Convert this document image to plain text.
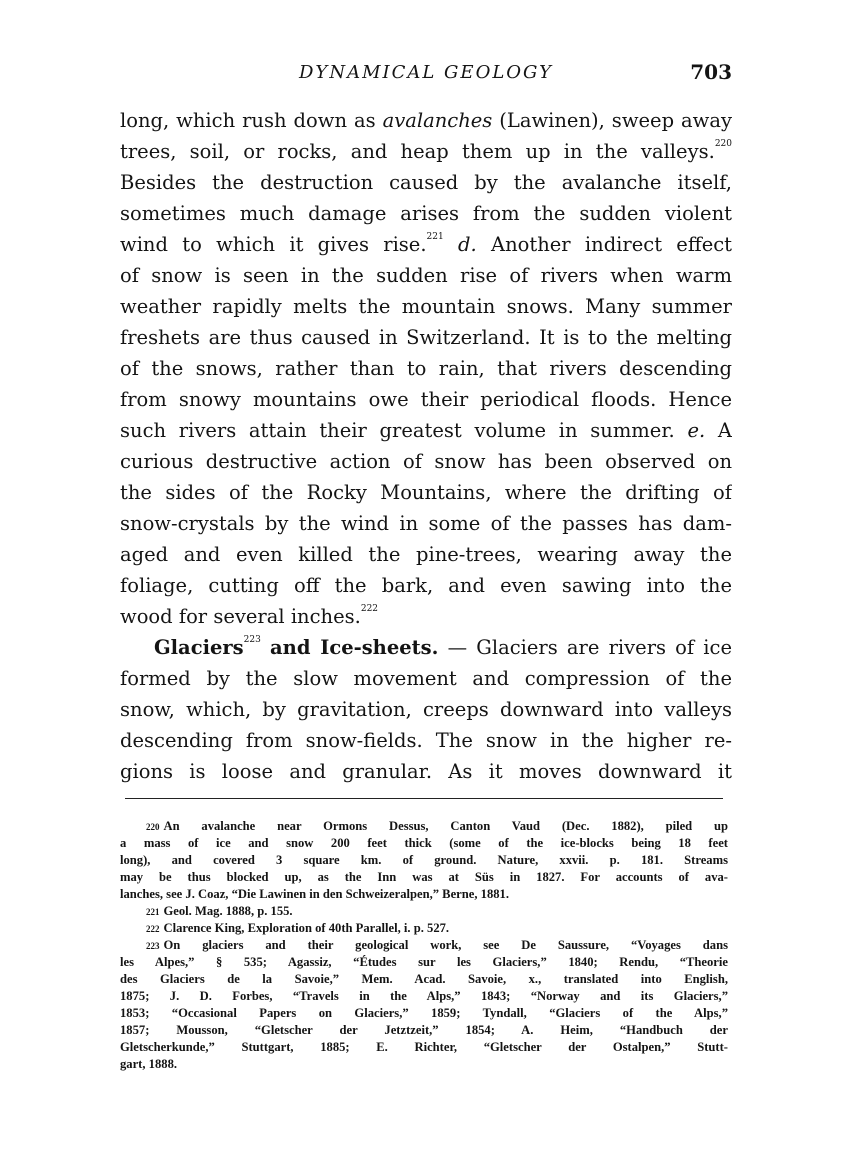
DYNAMICAL GEOLOGY	703
long, which rush down as avalanches (Lawinen), sweep away
trees, soil, or rocks, and heap them up in the valleys.$^{220}$
Besides the destruction caused by the avalanche itself,
sometimes much damage arises from the sudden violent
wind to which it gives rise.$^{221}$ d. Another indirect effect
of snow is seen in the sudden rise of rivers when warm
weather rapidly melts the mountain snows. Many summer
freshets are thus caused in Switzerland. It is to the melting
of the snows, rather than to rain, that rivers descending
from snowy mountains owe their periodical floods. Hence
such rivers attain their greatest volume in summer. e. A
curious destructive action of snow has been observed on
the sides of the Rocky Mountains, where the drifting of
snow-crystals by the wind in some of the passes has dam-
aged and even killed the pine-trees, wearing away the
foliage, cutting off the bark, and even sawing into the
wood for several inches.$^{222}$
Glaciers$^{223}$ and Ice-sheets. — Glaciers are rivers of ice
formed by the slow movement and compression of the
snow, which, by gravitation, creeps downward into valleys
descending from snow-fields. The snow in the higher re-
gions is loose and granular. As it moves downward it
$^{220}$ An avalanche near Ormons Dessus, Canton Vaud (Dec. 1882), piled up
a mass of ice and snow 200 feet thick (some of the ice-blocks being 18 feet
long), and covered 3 square km. of ground. Nature, xxvii. p. 181. Streams
may be thus blocked up, as the Inn was at Süs in 1827. For accounts of ava-
lanches, see J. Coaz, “Die Lawinen in den Schweizeralpen,” Berne, 1881.
$^{221}$ Geol. Mag. 1888, p. 155.
$^{222}$ Clarence King, Exploration of 40th Parallel, i. p. 527.
$^{223}$ On glaciers and their geological work, see De Saussure, “Voyages dans
les Alpes,” § 535; Agassiz, “Études sur les Glaciers,” 1840; Rendu, “Theorie
des Glaciers de la Savoie,” Mem. Acad. Savoie, x., translated into English,
1875; J. D. Forbes, “Travels in the Alps,” 1843; “Norway and its Glaciers,”
1853; “Occasional Papers on Glaciers,” 1859; Tyndall, “Glaciers of the Alps,”
1857; Mousson, “Gletscher der Jetztzeit,” 1854; A. Heim, “Handbuch der
Gletscherkunde,” Stuttgart, 1885; E. Richter, “Gletscher der Ostalpen,” Stutt-
gart, 1888.
